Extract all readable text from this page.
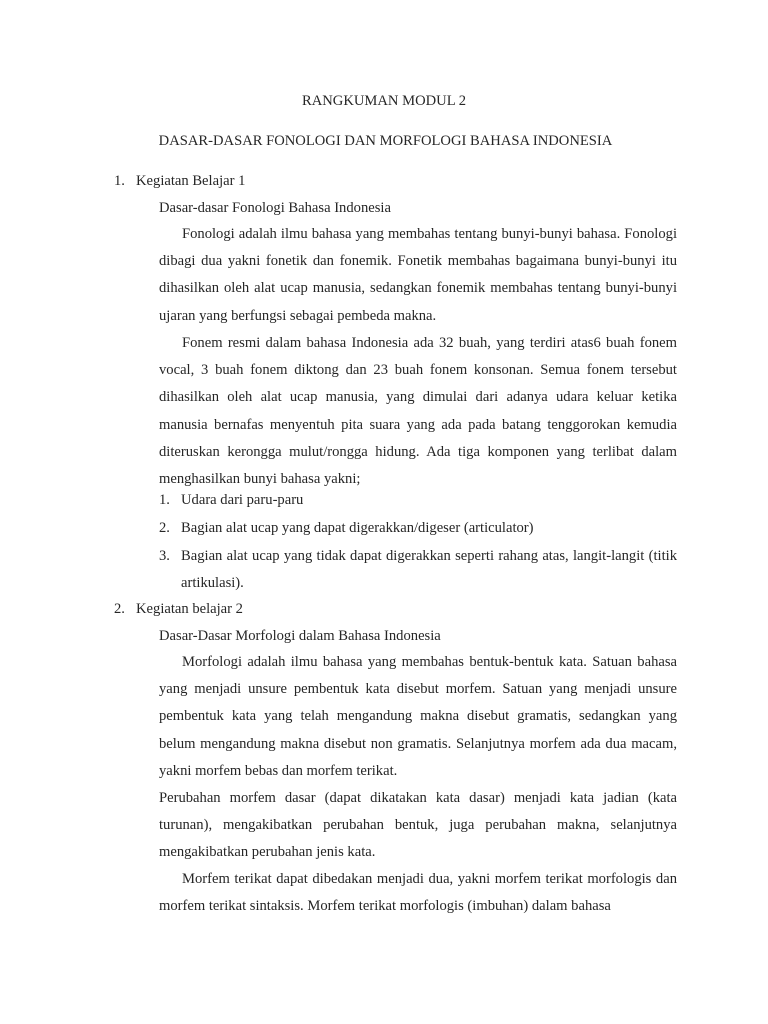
RANGKUMAN MODUL 2
DASAR-DASAR FONOLOGI DAN MORFOLOGI BAHASA INDONESIA
1. Kegiatan Belajar 1
Dasar-dasar Fonologi Bahasa Indonesia
Fonologi adalah ilmu bahasa yang membahas tentang bunyi-bunyi bahasa. Fonologi dibagi dua yakni fonetik dan fonemik. Fonetik membahas bagaimana bunyi-bunyi itu dihasilkan oleh alat ucap manusia, sedangkan fonemik membahas tentang bunyi-bunyi ujaran yang berfungsi sebagai pembeda makna.
Fonem resmi dalam bahasa Indonesia ada 32 buah, yang terdiri atas6 buah fonem vocal, 3 buah fonem diktong dan 23 buah fonem konsonan. Semua fonem tersebut dihasilkan oleh alat ucap manusia, yang dimulai dari adanya udara keluar ketika manusia bernafas menyentuh pita suara yang ada pada batang tenggorokan kemudia diteruskan kerongga mulut/rongga hidung. Ada tiga komponen yang terlibat dalam menghasilkan bunyi bahasa yakni;
1. Udara dari paru-paru
2. Bagian alat ucap yang dapat digerakkan/digeser (articulator)
3. Bagian alat ucap yang tidak dapat digerakkan seperti rahang atas, langit-langit (titik artikulasi).
2. Kegiatan belajar 2
Dasar-Dasar Morfologi dalam Bahasa Indonesia
Morfologi adalah ilmu bahasa yang membahas bentuk-bentuk kata. Satuan bahasa yang menjadi unsure pembentuk kata disebut morfem. Satuan yang menjadi unsure pembentuk kata yang telah mengandung makna disebut gramatis, sedangkan yang belum mengandung makna disebut non gramatis. Selanjutnya morfem ada dua macam, yakni morfem bebas dan morfem terikat.
Perubahan morfem dasar (dapat dikatakan kata dasar) menjadi kata jadian (kata turunan), mengakibatkan perubahan bentuk, juga perubahan makna, selanjutnya mengakibatkan perubahan jenis kata.
Morfem terikat dapat dibedakan menjadi dua, yakni morfem terikat morfologis dan morfem terikat sintaksis. Morfem terikat morfologis (imbuhan) dalam bahasa
